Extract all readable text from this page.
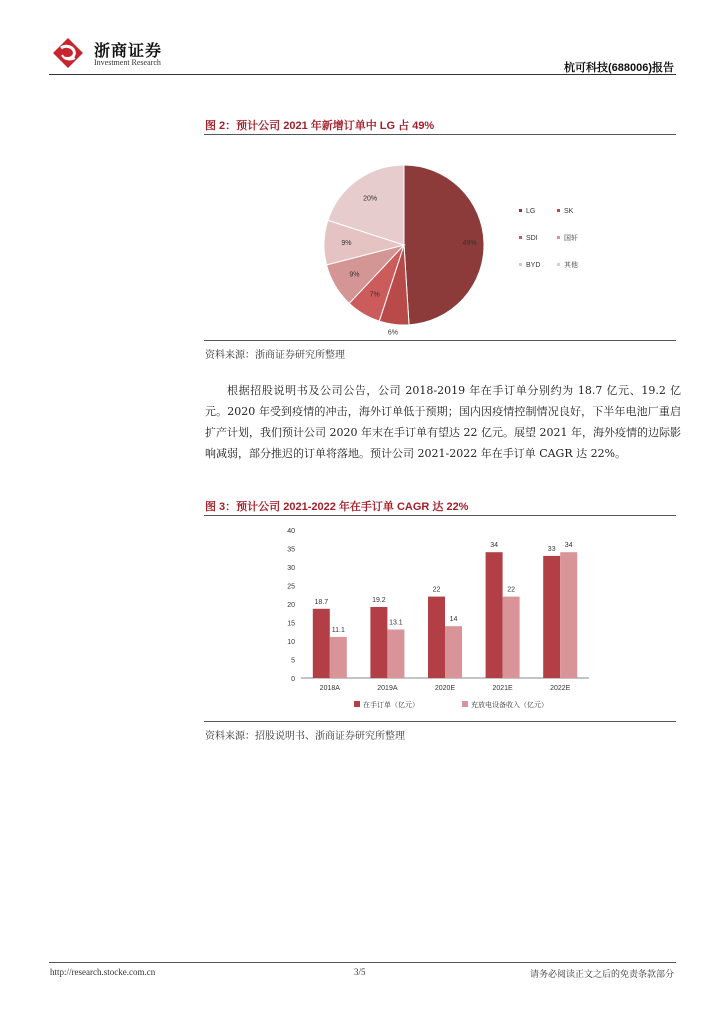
浙商证券
Investment Research	杭可科技(688006)报告
图 2：预计公司 2021 年新增订单中 LG 占 49%
49%
6%
7%
9%
9%
20%
LG	SK
SDI	国轩
BYD	其他
资料来源：浙商证券研究所整理
根据招股说明书及公司公告，公司 2018-2019 年在手订单分别约为 18.7 亿元、19.2 亿元。2020 年受到疫情的冲击，海外订单低于预期；国内因疫情控制情况良好，下半年电池厂重启扩产计划，我们预计公司 2020 年末在手订单有望达 22 亿元。展望 2021 年，海外疫情的边际影响减弱，部分推迟的订单将落地。预计公司 2021-2022 年在手订单 CAGR 达 22%。
图 3：预计公司 2021-2022 年在手订单 CAGR 达 22%
0
5
10
15
20
25
30
35
40
2018A	2019A	2020E	2021E	2022E
18.7
11.1
19.2
13.1
22
14
34
22
33
34
在手订单（亿元）	充放电设备收入（亿元）
资料来源：招股说明书、浙商证券研究所整理
http://research.stocke.com.cn	3/5	请务必阅读正文之后的免责条款部分
